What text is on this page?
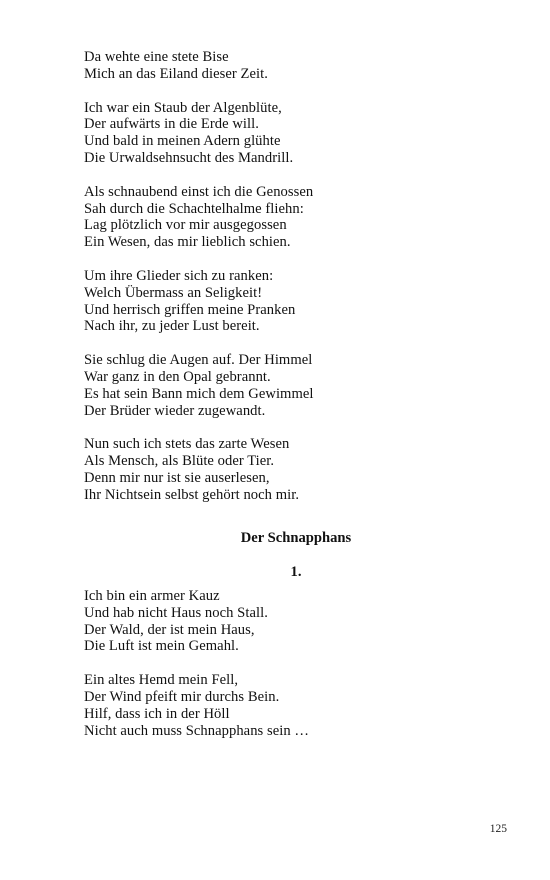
Da wehte eine stete Bise
Mich an das Eiland dieser Zeit.
Ich war ein Staub der Algenblüte,
Der aufwärts in die Erde will.
Und bald in meinen Adern glühte
Die Urwaldsehnsucht des Mandrill.
Als schnaubend einst ich die Genossen
Sah durch die Schachtelhalme fliehn:
Lag plötzlich vor mir ausgegossen
Ein Wesen, das mir lieblich schien.
Um ihre Glieder sich zu ranken:
Welch Übermass an Seligkeit!
Und herrisch griffen meine Pranken
Nach ihr, zu jeder Lust bereit.
Sie schlug die Augen auf. Der Himmel
War ganz in den Opal gebrannt.
Es hat sein Bann mich dem Gewimmel
Der Brüder wieder zugewandt.
Nun such ich stets das zarte Wesen
Als Mensch, als Blüte oder Tier.
Denn mir nur ist sie auserlesen,
Ihr Nichtsein selbst gehört noch mir.
Der Schnapphans
1.
Ich bin ein armer Kauz
Und hab nicht Haus noch Stall.
Der Wald, der ist mein Haus,
Die Luft ist mein Gemahl.
Ein altes Hemd mein Fell,
Der Wind pfeift mir durchs Bein.
Hilf, dass ich in der Höll
Nicht auch muss Schnapphans sein …
125
